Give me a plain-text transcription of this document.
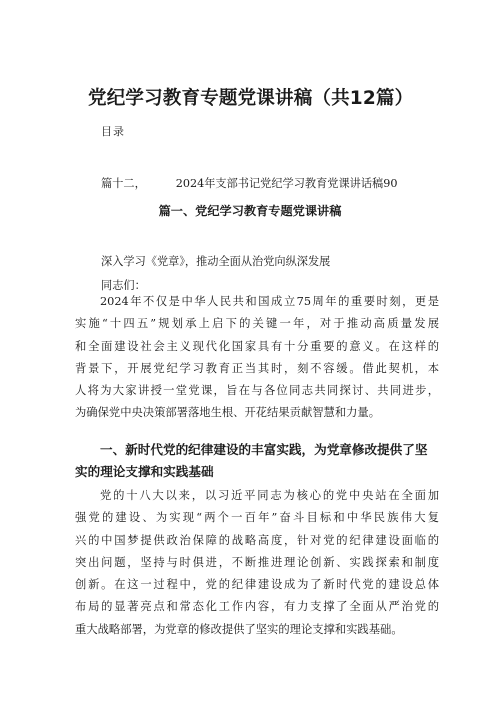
党纪学习教育专题党课讲稿（共12篇）
目录
篇十二，	2024年支部书记党纪学习教育党课讲话稿90
篇一、党纪学习教育专题党课讲稿
深入学习《党章》，推动全面从治党向纵深发展
同志们：
2024年不仅是中华人民共和国成立75周年的重要时刻，更是
实施“十四五”规划承上启下的关键一年，对于推动高质量发展
和全面建设社会主义现代化国家具有十分重要的意义。在这样的
背景下，开展党纪学习教育正当其时，刻不容缓。借此契机，本
人将为大家讲授一堂党课，旨在与各位同志共同探讨、共同进步，
为确保党中央决策部署落地生根、开花结果贡献智慧和力量。
一、新时代党的纪律建设的丰富实践，为党章修改提供了坚
实的理论支撑和实践基础
党的十八大以来，以习近平同志为核心的党中央站在全面加
强党的建设、为实现“两个一百年”奋斗目标和中华民族伟大复
兴的中国梦提供政治保障的战略高度，针对党的纪律建设面临的
突出问题，坚持与时俱进，不断推进理论创新、实践探索和制度
创新。在这一过程中，党的纪律建设成为了新时代党的建设总体
布局的显著亮点和常态化工作内容，有力支撑了全面从严治党的
重大战略部署，为党章的修改提供了坚实的理论支撑和实践基础。
